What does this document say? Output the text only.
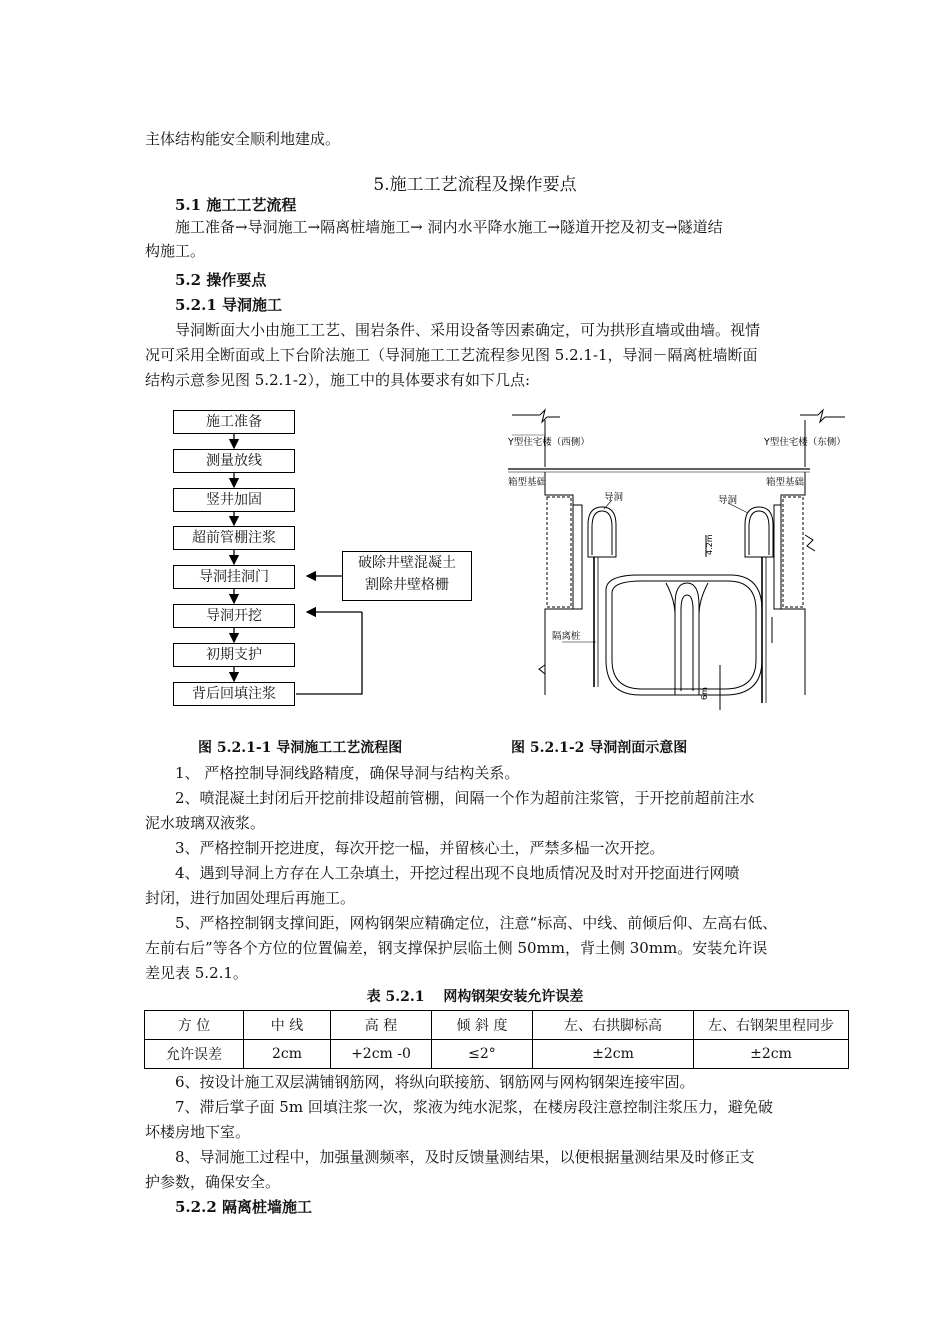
主体结构能安全顺利地建成。

5.施工工艺流程及操作要点

5.1 施工工艺流程

施工准备→导洞施工→隔离桩墙施工→ 洞内水平降水施工→隧道开挖及初支→隧道结

构施工。

5.2 操作要点

5.2.1 导洞施工

导洞断面大小由施工工艺、围岩条件、采用设备等因素确定，可为拱形直墙或曲墙。视情

况可采用全断面或上下台阶法施工（导洞施工工艺流程参见图 5.2.1-1，导洞－隔离桩墙断面

结构示意参见图 5.2.1-2），施工中的具体要求有如下几点:

施工准备
测量放线
竖井加固
超前管棚注浆
导洞挂洞门
导洞开挖
初期支护
背后回填注浆
破除井壁混凝土
割除井壁格栅
Y型住宅楼（西侧）	Y型住宅楼（东侧）
箱型基础	箱型基础
导洞	导洞
隔离桩
4.2m
6m
图 5.2.1-1 导洞施工工艺流程图	图 5.2.1-2 导洞剖面示意图

1、 严格控制导洞线路精度，确保导洞与结构关系。

2、喷混凝土封闭后开挖前排设超前管棚，间隔一个作为超前注浆管，于开挖前超前注水

泥水玻璃双液浆。

3、严格控制开挖进度，每次开挖一榀，并留核心土，严禁多榀一次开挖。

4、遇到导洞上方存在人工杂填土，开挖过程出现不良地质情况及时对开挖面进行网喷

封闭，进行加固处理后再施工。

5、严格控制钢支撑间距，网构钢架应精确定位，注意“标高、中线、前倾后仰、左高右低、

左前右后”等各个方位的位置偏差，钢支撑保护层临土侧 50mm，背土侧 30mm。安装允许误

差见表 5.2.1。

表 5.2.1　 网构钢架安装允许误差
方 位	中 线	高 程	倾 斜 度	左、右拱脚标高	左、右钢架里程同步
允许误差	2cm	+2cm -0	≤2°	±2cm	±2cm

6、按设计施工双层满铺钢筋网，将纵向联接筋、钢筋网与网构钢架连接牢固。

7、滞后掌子面 5m 回填注浆一次，浆液为纯水泥浆，在楼房段注意控制注浆压力，避免破

坏楼房地下室。

8、导洞施工过程中，加强量测频率，及时反馈量测结果，以便根据量测结果及时修正支

护参数，确保安全。

5.2.2 隔离桩墙施工
